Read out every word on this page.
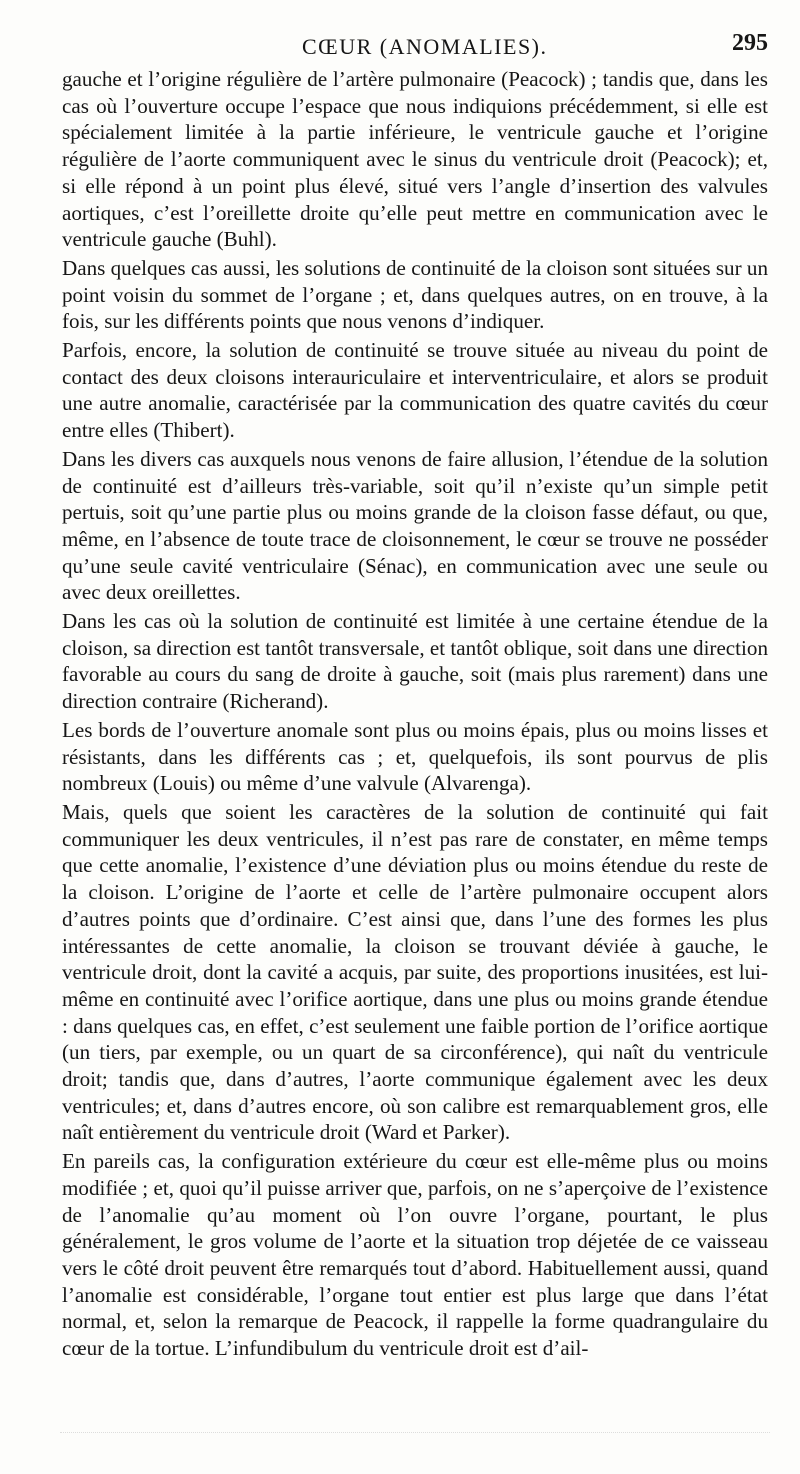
CŒUR (ANOMALIES).	295

gauche et l’origine régulière de l’artère pulmonaire (Peacock) ; tandis que, dans les cas où l’ouverture occupe l’espace que nous indiquions précédemment, si elle est spécialement limitée à la partie inférieure, le ventricule gauche et l’origine régulière de l’aorte communiquent avec le sinus du ventricule droit (Peacock); et, si elle répond à un point plus élevé, situé vers l’angle d’insertion des valvules aortiques, c’est l’oreillette droite qu’elle peut mettre en communication avec le ventricule gauche (Buhl).

Dans quelques cas aussi, les solutions de continuité de la cloison sont situées sur un point voisin du sommet de l’organe ; et, dans quelques autres, on en trouve, à la fois, sur les différents points que nous venons d’indiquer.

Parfois, encore, la solution de continuité se trouve située au niveau du point de contact des deux cloisons interauriculaire et interventriculaire, et alors se produit une autre anomalie, caractérisée par la communication des quatre cavités du cœur entre elles (Thibert).

Dans les divers cas auxquels nous venons de faire allusion, l’étendue de la solution de continuité est d’ailleurs très-variable, soit qu’il n’existe qu’un simple petit pertuis, soit qu’une partie plus ou moins grande de la cloison fasse défaut, ou que, même, en l’absence de toute trace de cloisonnement, le cœur se trouve ne posséder qu’une seule cavité ventriculaire (Sénac), en communication avec une seule ou avec deux oreillettes.

Dans les cas où la solution de continuité est limitée à une certaine étendue de la cloison, sa direction est tantôt transversale, et tantôt oblique, soit dans une direction favorable au cours du sang de droite à gauche, soit (mais plus rarement) dans une direction contraire (Richerand).

Les bords de l’ouverture anomale sont plus ou moins épais, plus ou moins lisses et résistants, dans les différents cas ; et, quelquefois, ils sont pourvus de plis nombreux (Louis) ou même d’une valvule (Alvarenga).

Mais, quels que soient les caractères de la solution de continuité qui fait communiquer les deux ventricules, il n’est pas rare de constater, en même temps que cette anomalie, l’existence d’une déviation plus ou moins étendue du reste de la cloison. L’origine de l’aorte et celle de l’artère pulmonaire occupent alors d’autres points que d’ordinaire. C’est ainsi que, dans l’une des formes les plus intéressantes de cette anomalie, la cloison se trouvant déviée à gauche, le ventricule droit, dont la cavité a acquis, par suite, des proportions inusitées, est lui-même en continuité avec l’orifice aortique, dans une plus ou moins grande étendue : dans quelques cas, en effet, c’est seulement une faible portion de l’orifice aortique (un tiers, par exemple, ou un quart de sa circonférence), qui naît du ventricule droit; tandis que, dans d’autres, l’aorte communique également avec les deux ventricules; et, dans d’autres encore, où son calibre est remarquablement gros, elle naît entièrement du ventricule droit (Ward et Parker).

En pareils cas, la configuration extérieure du cœur est elle-même plus ou moins modifiée ; et, quoi qu’il puisse arriver que, parfois, on ne s’aperçoive de l’existence de l’anomalie qu’au moment où l’on ouvre l’organe, pourtant, le plus généralement, le gros volume de l’aorte et la situation trop déjetée de ce vaisseau vers le côté droit peuvent être remarqués tout d’abord. Habituellement aussi, quand l’anomalie est considérable, l’organe tout entier est plus large que dans l’état normal, et, selon la remarque de Peacock, il rappelle la forme quadrangulaire du cœur de la tortue. L’infundibulum du ventricule droit est d’ail-
